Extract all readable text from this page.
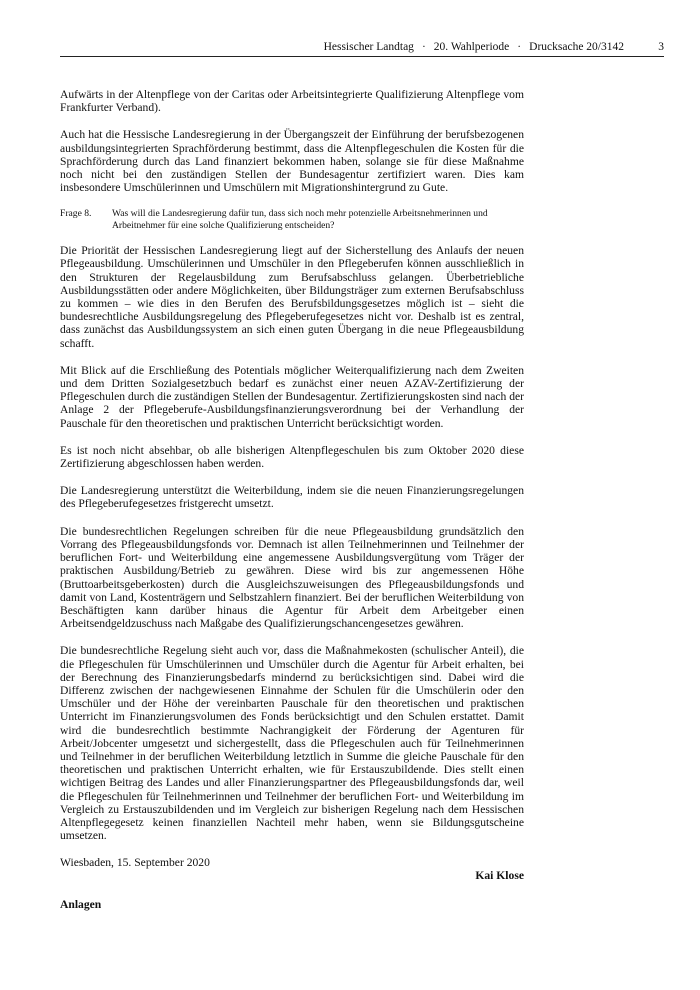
Hessischer Landtag · 20. Wahlperiode · Drucksache 20/3142	3

Aufwärts in der Altenpflege von der Caritas oder Arbeitsintegrierte Qualifizierung Altenpflege vom Frankfurter Verband).

Auch hat die Hessische Landesregierung in der Übergangszeit der Einführung der berufsbezogenen ausbildungsintegrierten Sprachförderung bestimmt, dass die Altenpflegeschulen die Kosten für die Sprachförderung durch das Land finanziert bekommen haben, solange sie für diese Maßnahme noch nicht bei den zuständigen Stellen der Bundesagentur zertifiziert waren. Dies kam insbesondere Umschülerinnen und Umschülern mit Migrationshintergrund zu Gute.

Frage 8.	Was will die Landesregierung dafür tun, dass sich noch mehr potenzielle Arbeitsnehmerinnen und Arbeitnehmer für eine solche Qualifizierung entscheiden?

Die Priorität der Hessischen Landesregierung liegt auf der Sicherstellung des Anlaufs der neuen Pflegeausbildung. Umschülerinnen und Umschüler in den Pflegeberufen können ausschließlich in den Strukturen der Regelausbildung zum Berufsabschluss gelangen. Überbetriebliche Ausbildungsstätten oder andere Möglichkeiten, über Bildungsträger zum externen Berufsabschluss zu kommen – wie dies in den Berufen des Berufsbildungsgesetzes möglich ist – sieht die bundesrechtliche Ausbildungsregelung des Pflegeberufegesetzes nicht vor. Deshalb ist es zentral, dass zunächst das Ausbildungssystem an sich einen guten Übergang in die neue Pflegeausbildung schafft.

Mit Blick auf die Erschließung des Potentials möglicher Weiterqualifizierung nach dem Zweiten und dem Dritten Sozialgesetzbuch bedarf es zunächst einer neuen AZAV-Zertifizierung der Pflegeschulen durch die zuständigen Stellen der Bundesagentur. Zertifizierungskosten sind nach der Anlage 2 der Pflegeberufe-Ausbildungsfinanzierungsverordnung bei der Verhandlung der Pauschale für den theoretischen und praktischen Unterricht berücksichtigt worden.

Es ist noch nicht absehbar, ob alle bisherigen Altenpflegeschulen bis zum Oktober 2020 diese Zertifizierung abgeschlossen haben werden.

Die Landesregierung unterstützt die Weiterbildung, indem sie die neuen Finanzierungsregelungen des Pflegeberufegesetzes fristgerecht umsetzt.

Die bundesrechtlichen Regelungen schreiben für die neue Pflegeausbildung grundsätzlich den Vorrang des Pflegeausbildungsfonds vor. Demnach ist allen Teilnehmerinnen und Teilnehmer der beruflichen Fort- und Weiterbildung eine angemessene Ausbildungsvergütung vom Träger der praktischen Ausbildung/Betrieb zu gewähren. Diese wird bis zur angemessenen Höhe (Bruttoarbeitsgeberkosten) durch die Ausgleichszuweisungen des Pflegeausbildungsfonds und damit von Land, Kostenträgern und Selbstzahlern finanziert. Bei der beruflichen Weiterbildung von Beschäftigten kann darüber hinaus die Agentur für Arbeit dem Arbeitgeber einen Arbeitsendgeldzuschuss nach Maßgabe des Qualifizierungschancengesetzes gewähren.

Die bundesrechtliche Regelung sieht auch vor, dass die Maßnahmekosten (schulischer Anteil), die die Pflegeschulen für Umschülerinnen und Umschüler durch die Agentur für Arbeit erhalten, bei der Berechnung des Finanzierungsbedarfs mindernd zu berücksichtigen sind. Dabei wird die Differenz zwischen der nachgewiesenen Einnahme der Schulen für die Umschülerin oder den Umschüler und der Höhe der vereinbarten Pauschale für den theoretischen und praktischen Unterricht im Finanzierungsvolumen des Fonds berücksichtigt und den Schulen erstattet. Damit wird die bundesrechtlich bestimmte Nachrangigkeit der Förderung der Agenturen für Arbeit/Jobcenter umgesetzt und sichergestellt, dass die Pflegeschulen auch für Teilnehmerinnen und Teilnehmer in der beruflichen Weiterbildung letztlich in Summe die gleiche Pauschale für den theoretischen und praktischen Unterricht erhalten, wie für Erstauszubildende. Dies stellt einen wichtigen Beitrag des Landes und aller Finanzierungspartner des Pflegeausbildungsfonds dar, weil die Pflegeschulen für Teilnehmerinnen und Teilnehmer der beruflichen Fort- und Weiterbildung im Vergleich zu Erstauszubildenden und im Vergleich zur bisherigen Regelung nach dem Hessischen Altenpflegegesetz keinen finanziellen Nachteil mehr haben, wenn sie Bildungsgutscheine umsetzen.

Wiesbaden, 15. September 2020
Kai Klose
Anlagen
